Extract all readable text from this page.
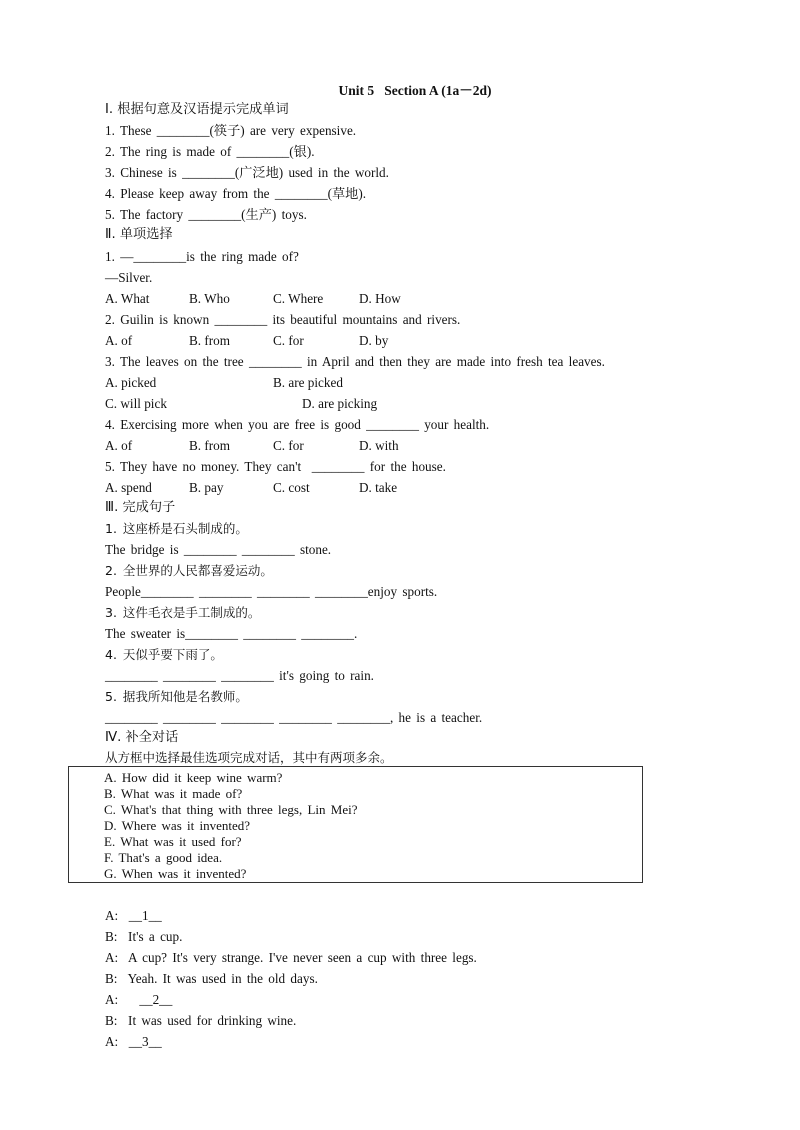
Unit 5   Section A (1a－2d)
Ⅰ. 根据句意及汉语提示完成单词
1. These ________(筷子) are very expensive.
2. The ring is made of ________(银).
3. Chinese is ________(广泛地) used in the world.
4. Please keep away from the ________(草地).
5. The factory ________(生产) toys.
Ⅱ. 单项选择
1. —________is the ring made of?
—Silver.

A. What

	B. Who

	C. Where

	D. How

2. Guilin is known ________ its beautiful mountains and rivers.

A. of

	B. from

	C. for

	D. by

3. The leaves on the tree ________ in April and then they are made into fresh tea leaves.

A. picked

	B. are picked

C. will pick

	D. are picking

4. Exercising more when you are free is good ________ your health.

A. of

	B. from

	C. for

	D. with

5. They have no money. They can't  ________ for the house.

A. spend

	B. pay

	C. cost

	D. take

Ⅲ. 完成句子
1. 这座桥是石头制成的。
The bridge is ________ ________ stone.
2. 全世界的人民都喜爱运动。
People________ ________ ________ ________enjoy sports.
3. 这件毛衣是手工制成的。
The sweater is________ ________ ________.
4. 天似乎要下雨了。
________ ________ ________ it's going to rain.
5. 据我所知他是名教师。
________ ________ ________ ________ ________, he is a teacher.
Ⅳ. 补全对话
从方框中选择最佳选项完成对话，其中有两项多余。
A. How did it keep wine warm?
B. What was it made of?
C. What's that thing with three legs, Lin Mei?
D. Where was it invented?
E. What was it used for?
F. That's a good idea.
G. When was it invented?
A:  __1__
B:  It's a cup.
A:  A cup? It's very strange. I've never seen a cup with three legs.
B:  Yeah. It was used in the old days.
A:    __2__
B:  It was used for drinking wine.
A:  __3__
